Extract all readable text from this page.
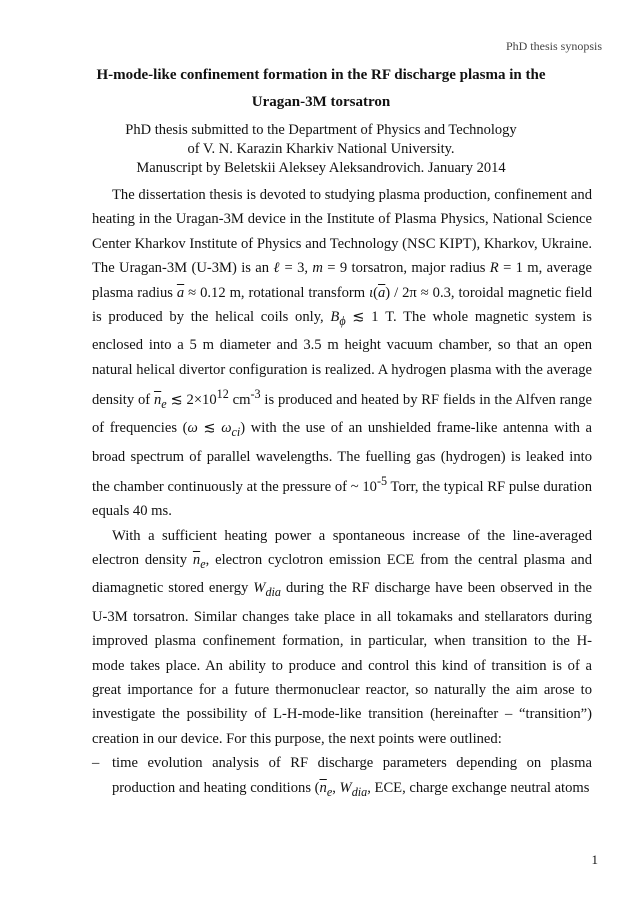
PhD thesis synopsis
H-mode-like confinement formation in the RF discharge plasma in the Uragan-3M torsatron
PhD thesis submitted to the Department of Physics and Technology
of V. N. Karazin Kharkiv National University.
Manuscript by Beletskii Aleksey Aleksandrovich. January 2014

The dissertation thesis is devoted to studying plasma production, confinement and heating in the Uragan-3M device in the Institute of Plasma Physics, National Science Center Kharkov Institute of Physics and Technology (NSC KIPT), Kharkov, Ukraine. The Uragan-3M (U-3M) is an ℓ = 3, m = 9 torsatron, major radius R = 1 m, average plasma radius $\overline{a} \approx 0.12$ m, rotational transform $\iota(\overline{a}) / 2\pi \approx 0.3$, toroidal magnetic field is produced by the helical coils only, $B_\phi$ ≲ 1 T. The whole magnetic system is enclosed into a 5 m diameter and 3.5 m height vacuum chamber, so that an open natural helical divertor configuration is realized. A hydrogen plasma with the average density of $\overline{n}_e$ ≲ $2\times 10^{12}$ $cm^{-3}$ is produced and heated by RF fields in the Alfven range of frequencies (ω ≲ $\omega_{ci}$) with the use of an unshielded frame-like antenna with a broad spectrum of parallel wavelengths. The fuelling gas (hydrogen) is leaked into the chamber continuously at the pressure of ~ $10^{-5}$ Torr, the typical RF pulse duration equals 40 ms.

With a sufficient heating power a spontaneous increase of the line-averaged electron density $\overline{n}_e$, electron cyclotron emission ECE from the central plasma and diamagnetic stored energy $W_{dia}$ during the RF discharge have been observed in the U-3M torsatron. Similar changes take place in all tokamaks and stellarators during improved plasma confinement formation, in particular, when transition to the H-mode takes place. An ability to produce and control this kind of transition is of a great importance for a future thermonuclear reactor, so naturally the aim arose to investigate the possibility of L-H-mode-like transition (hereinafter – “transition”) creation in our device. For this purpose, the next points were outlined:

– time evolution analysis of RF discharge parameters depending on plasma production and heating conditions ($\overline{n}_e$, $W_{dia}$, ECE, charge exchange neutral atoms
1
